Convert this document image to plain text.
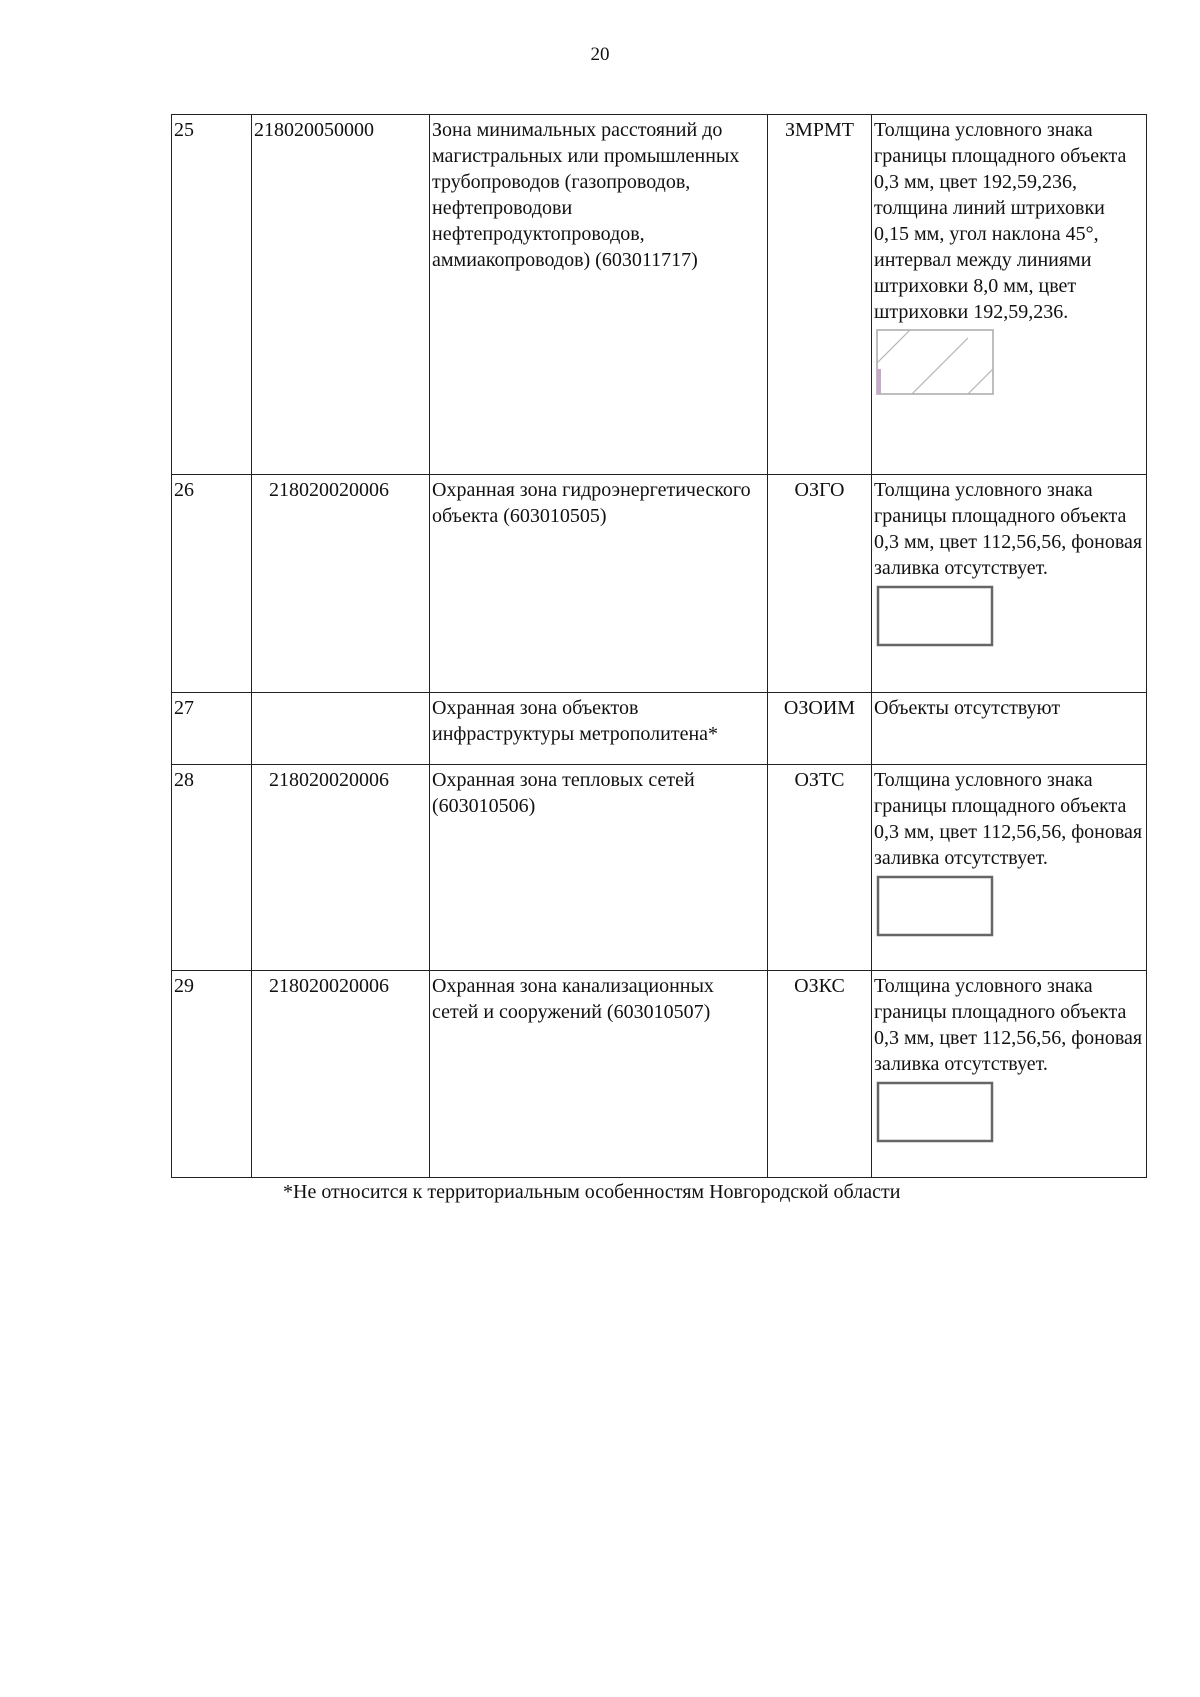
20
25	218020050000	Зона минимальных расстояний до магистральных или промышленных трубопроводов (газопроводов, нефтепроводови нефтепродуктопроводов, аммиакопроводов) (603011717)	ЗМРМТ	Толщина условного знака границы площадного объекта 0,3 мм, цвет 192,59,236, толщина линий штриховки 0,15 мм, угол наклона 45°, интервал между линиями штриховки 8,0 мм, цвет штриховки 192,59,236.

26	218020020006	Охранная зона гидроэнергетического объекта (603010505)	ОЗГО	Толщина условного знака границы площадного объекта 0,3 мм, цвет 112,56,56, фоновая заливка отсутствует.

27		Охранная зона объектов инфраструктуры метрополитена*	ОЗОИМ	Объекты отсутствуют
28	218020020006	Охранная зона тепловых сетей (603010506)	ОЗТС	Толщина условного знака границы площадного объекта 0,3 мм, цвет 112,56,56, фоновая заливка отсутствует.

29	218020020006	Охранная зона канализационных сетей и сооружений (603010507)	ОЗКС	Толщина условного знака границы площадного объекта 0,3 мм, цвет 112,56,56, фоновая заливка отсутствует.
*Не относится к территориальным особенностям Новгородской области
